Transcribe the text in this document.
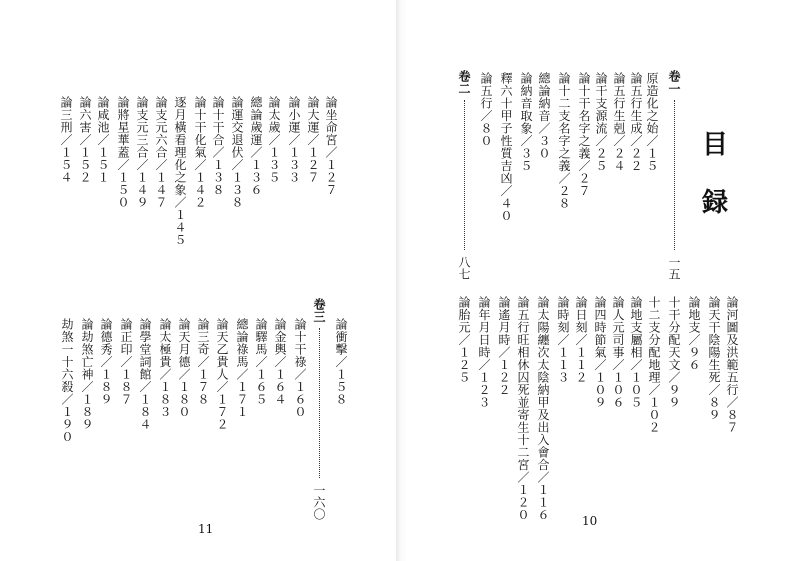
目
録
卷一
一五
原造化之始／１５
論五行生成／２２
論五行生剋／２４
論干支源流／２５
論十干名字之義／２７
論十二支名字之義／２８
總論納音／３０
論納音取象／３５
釋六十甲子性質吉凶／４０
論五行／８０
卷二
八七
論河圖及洪範五行／８７
論天干陰陽生死／８９
論地支／９６
十干分配天文／９９
十二支分配地理／１０２
論地支屬相／１０５
論人元司事／１０６
論四時節氣／１０９
論日刻／１１２
論時刻／１１３
論太陽纏次太陰納甲及出入會合／１１６
論五行旺相休囚死並寄生十二宮／１２０
論遙月時／１２２
論年月日時／１２３
論胎元／１２５
10
論坐命宮／１２７
論大運／１２７
論小運／１３３
論太歲／１３５
總論歲運／１３６
論運交退伏／１３８
論十干合／１３８
論十干化氣／１４２
逐月橫看理化之象／１４５
論支元六合／１４７
論支元三合／１４９
論將星華蓋／１５０
論咸池／１５１
論六害／１５２
論三刑／１５４
論衝擊／１５８
卷三
一六〇
論十干祿／１６０
論金輿／１６４
論驛馬／１６５
總論祿馬／１７１
論天乙貴人／１７２
論三奇／１７８
論天月德／１８０
論太極貴／１８３
論學堂詞館／１８４
論正印／１８７
論德秀／１８９
論劫煞亡神／１８９
劫煞一十六殺／１９０
11
